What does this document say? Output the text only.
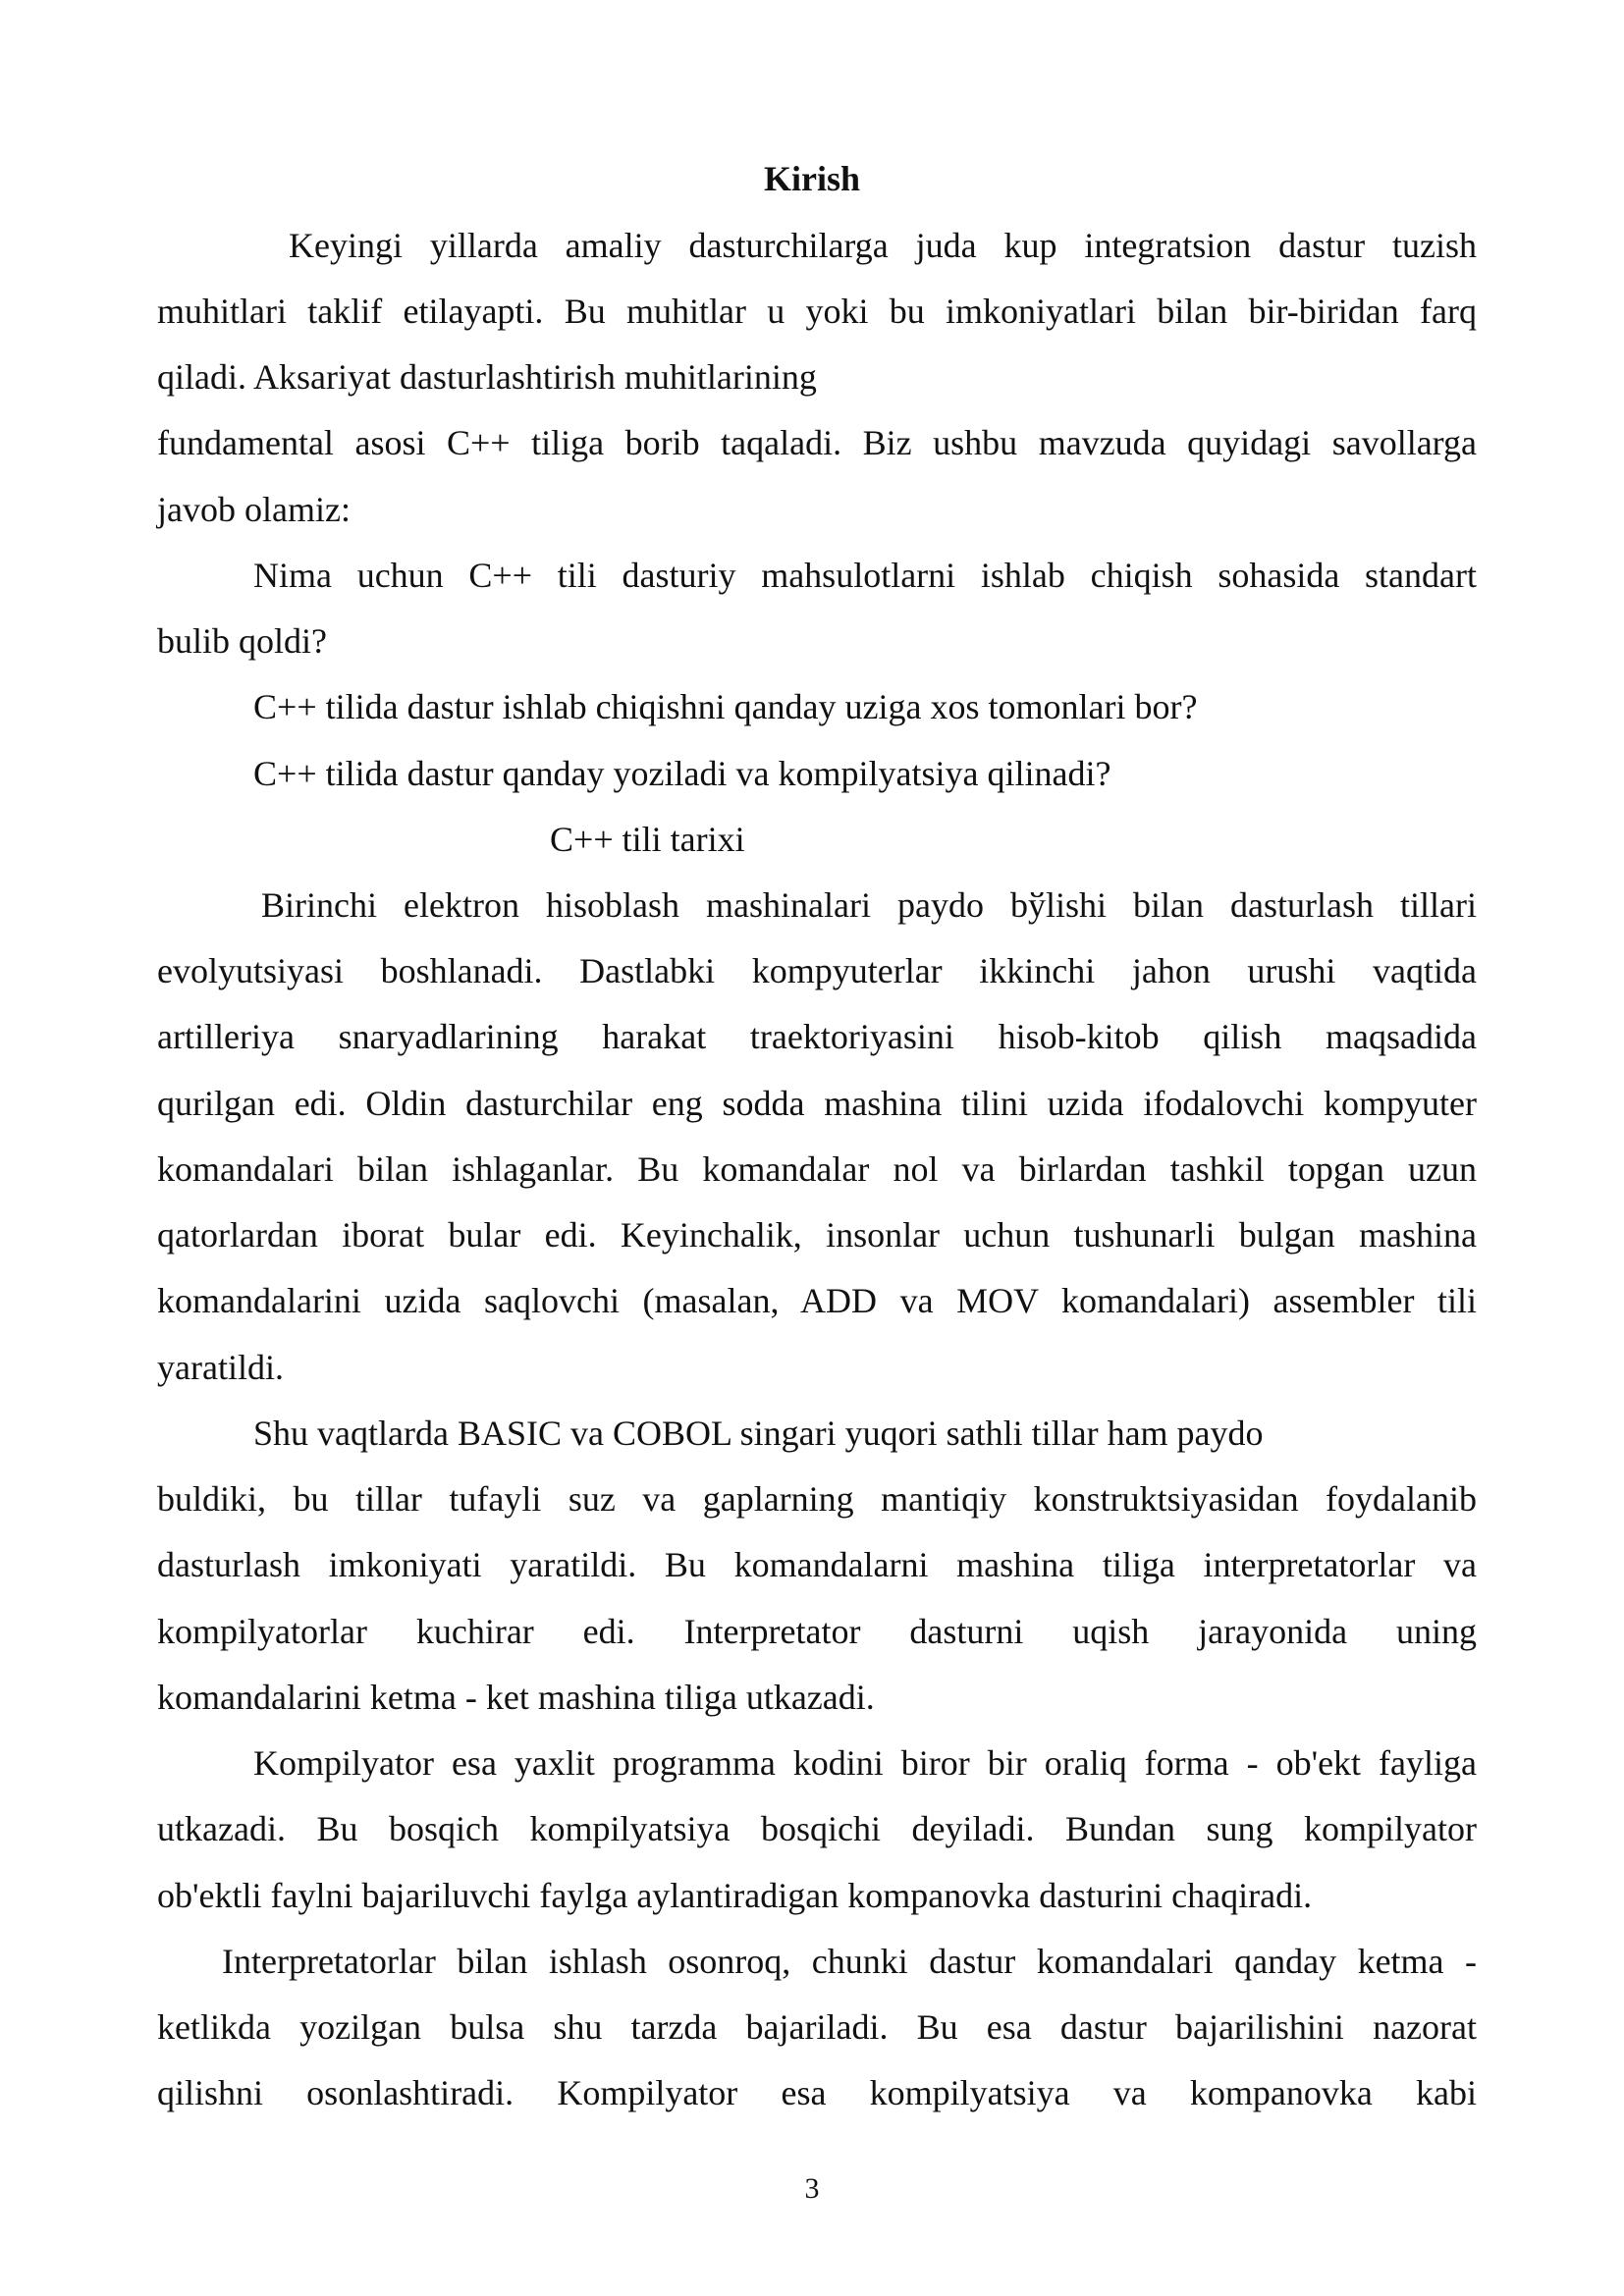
Kirish
Keyingi yillarda amaliy dasturchilarga juda kup integratsion dastur tuzish
muhitlari taklif etilayapti. Bu muhitlar u yoki bu imkoniyatlari bilan bir-biridan farq
qiladi. Aksariyat dasturlashtirish muhitlarining
fundamental asosi C++ tiliga borib taqaladi. Biz ushbu mavzuda quyidagi savollarga
javob olamiz:
Nima uchun C++ tili dasturiy mahsulotlarni ishlab chiqish sohasida standart
bulib qoldi?
C++ tilida dastur ishlab chiqishni qanday uziga xos tomonlari bor?
C++ tilida dastur qanday yoziladi va kompilyatsiya qilinadi?
C++ tili tarixi
Birinchi elektron hisoblash mashinalari paydo bўlishi bilan dasturlash tillari
evolyutsiyasi boshlanadi. Dastlabki kompyuterlar ikkinchi jahon urushi vaqtida
artilleriya snaryadlarining harakat traektoriyasini hisob-kitob qilish maqsadida
qurilgan edi. Oldin dasturchilar eng sodda mashina tilini uzida ifodalovchi kompyuter
komandalari bilan ishlaganlar. Bu komandalar nol va birlardan tashkil topgan uzun
qatorlardan iborat bular edi. Keyinchalik, insonlar uchun tushunarli bulgan mashina
komandalarini uzida saqlovchi (masalan, ADD va MOV komandalari) assembler tili
yaratildi.
Shu vaqtlarda BASIC va COBOL singari yuqori sathli tillar ham paydo
buldiki, bu tillar tufayli suz va gaplarning mantiqiy konstruktsiyasidan foydalanib
dasturlash imkoniyati yaratildi. Bu komandalarni mashina tiliga interpretatorlar va
kompilyatorlar kuchirar edi. Interpretator dasturni uqish jarayonida uning
komandalarini ketma - ket mashina tiliga utkazadi.
Kompilyator esa yaxlit programma kodini biror bir oraliq forma - ob'ekt fayliga
utkazadi. Bu bosqich kompilyatsiya bosqichi deyiladi. Bundan sung kompilyator
ob'ektli faylni bajariluvchi faylga aylantiradigan kompanovka dasturini chaqiradi.
Interpretatorlar bilan ishlash osonroq, chunki dastur komandalari qanday ketma -
ketlikda yozilgan bulsa shu tarzda bajariladi. Bu esa dastur bajarilishini nazorat
qilishni osonlashtiradi. Kompilyator esa kompilyatsiya va kompanovka kabi
3
